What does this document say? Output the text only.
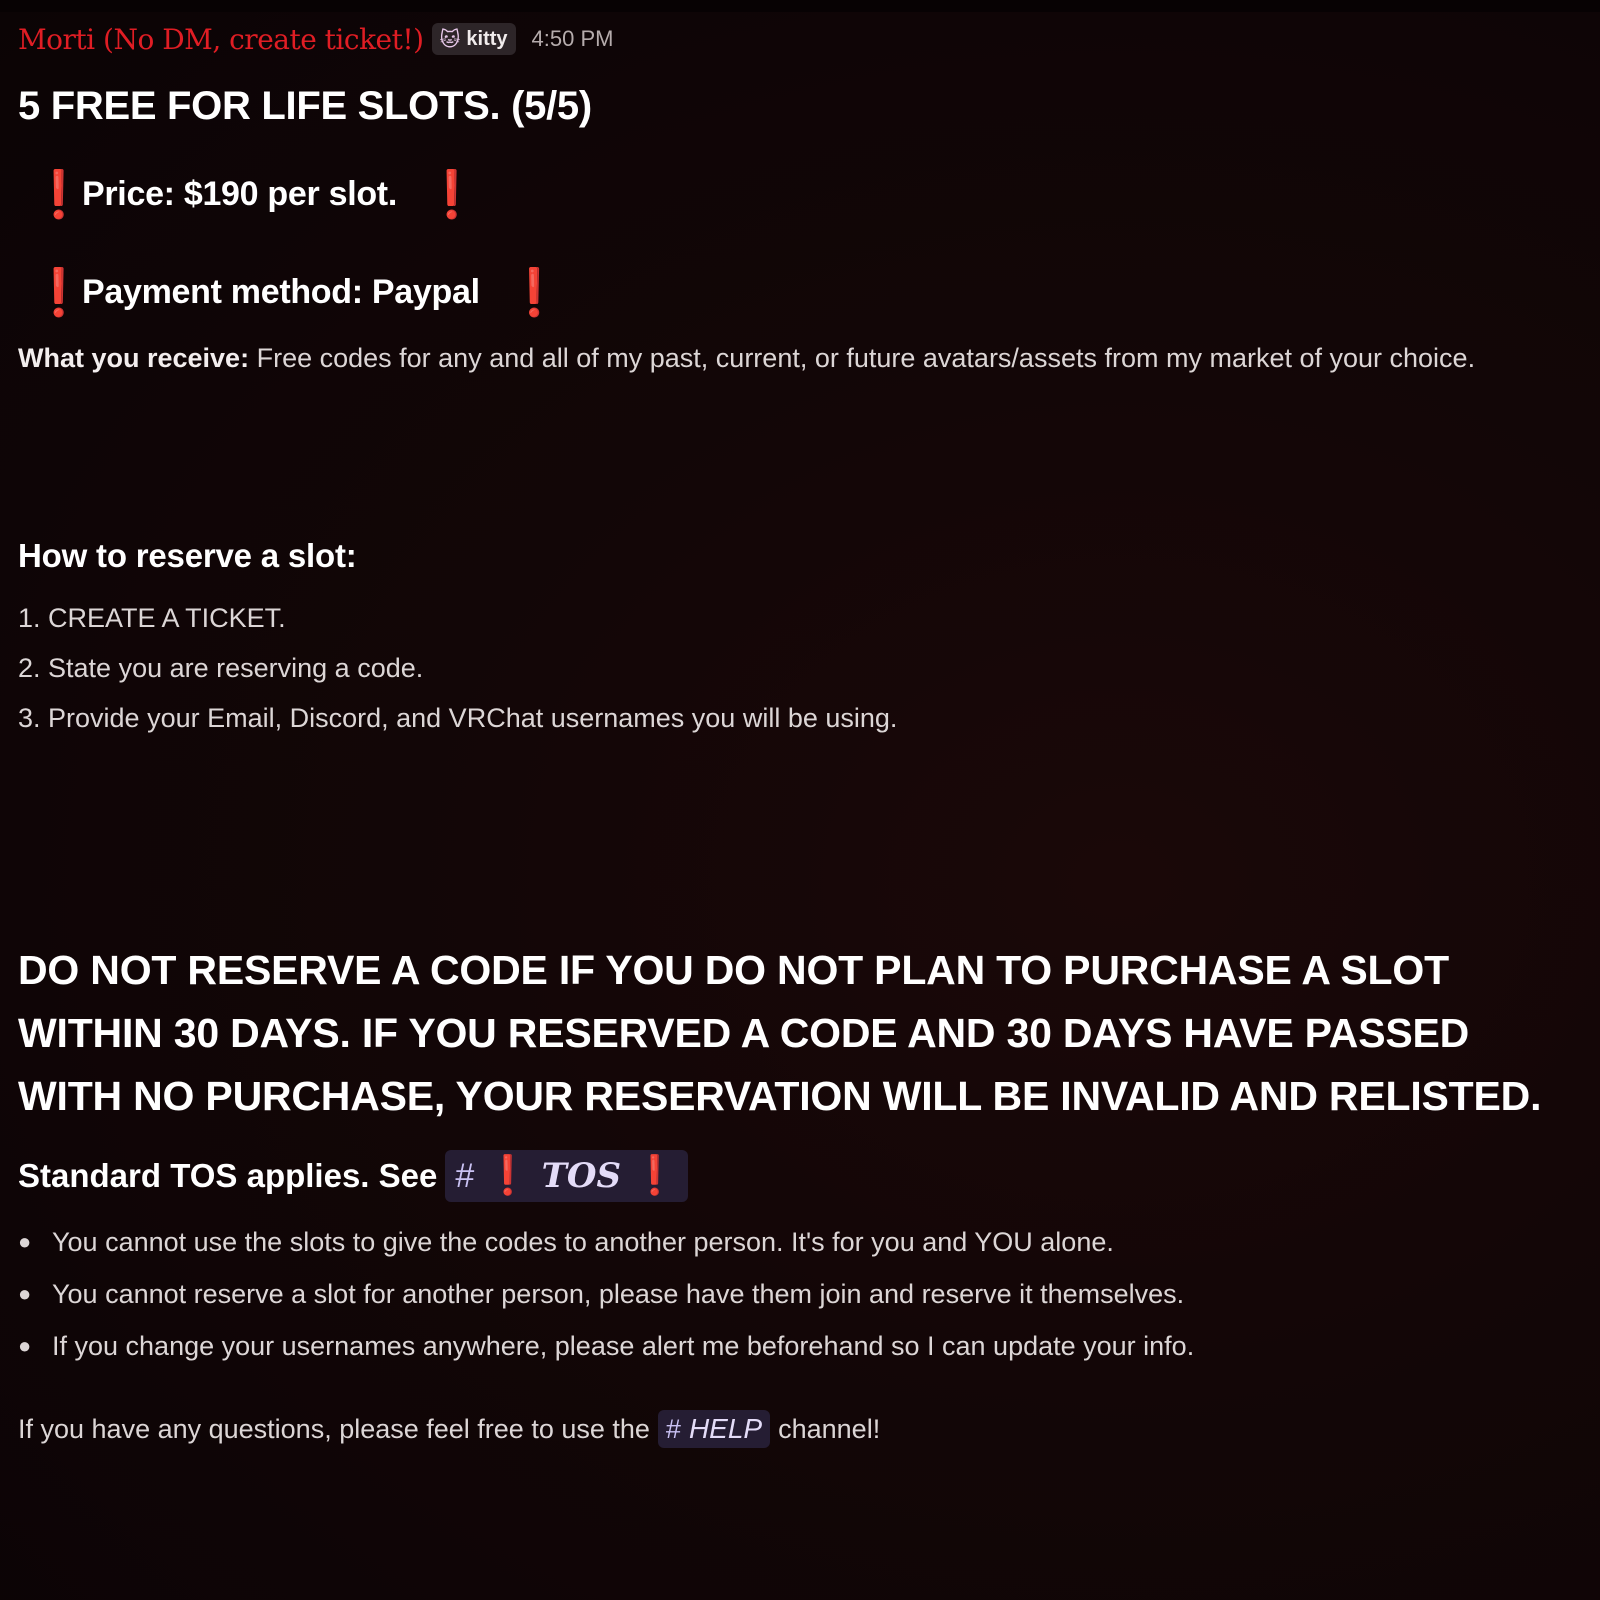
Morti (No DM, create ticket!) 🐱 kitty 4:50 PM
5 FREE FOR LIFE SLOTS. (5/5)
❗
Price: $190 per slot. ❗
❗
Payment method: Paypal ❗
What you receive: Free codes for any and all of my past, current, or future avatars/assets from my market of your choice.
How to reserve a slot:
1. CREATE A TICKET.
2. State you are reserving a code.
3. Provide your Email, Discord, and VRChat usernames you will be using.
DO NOT RESERVE A CODE IF YOU DO NOT PLAN TO PURCHASE A SLOT WITHIN 30 DAYS. IF YOU RESERVED A CODE AND 30 DAYS HAVE PASSED WITH NO PURCHASE, YOUR RESERVATION WILL BE INVALID AND RELISTED.
Standard TOS applies. See # ❗ TOS ❗
● You cannot use the slots to give the codes to another person. It's for you and YOU alone.
● You cannot reserve a slot for another person, please have them join and reserve it themselves.
● If you change your usernames anywhere, please alert me beforehand so I can update your info.
If you have any questions, please feel free to use the # HELP channel!
